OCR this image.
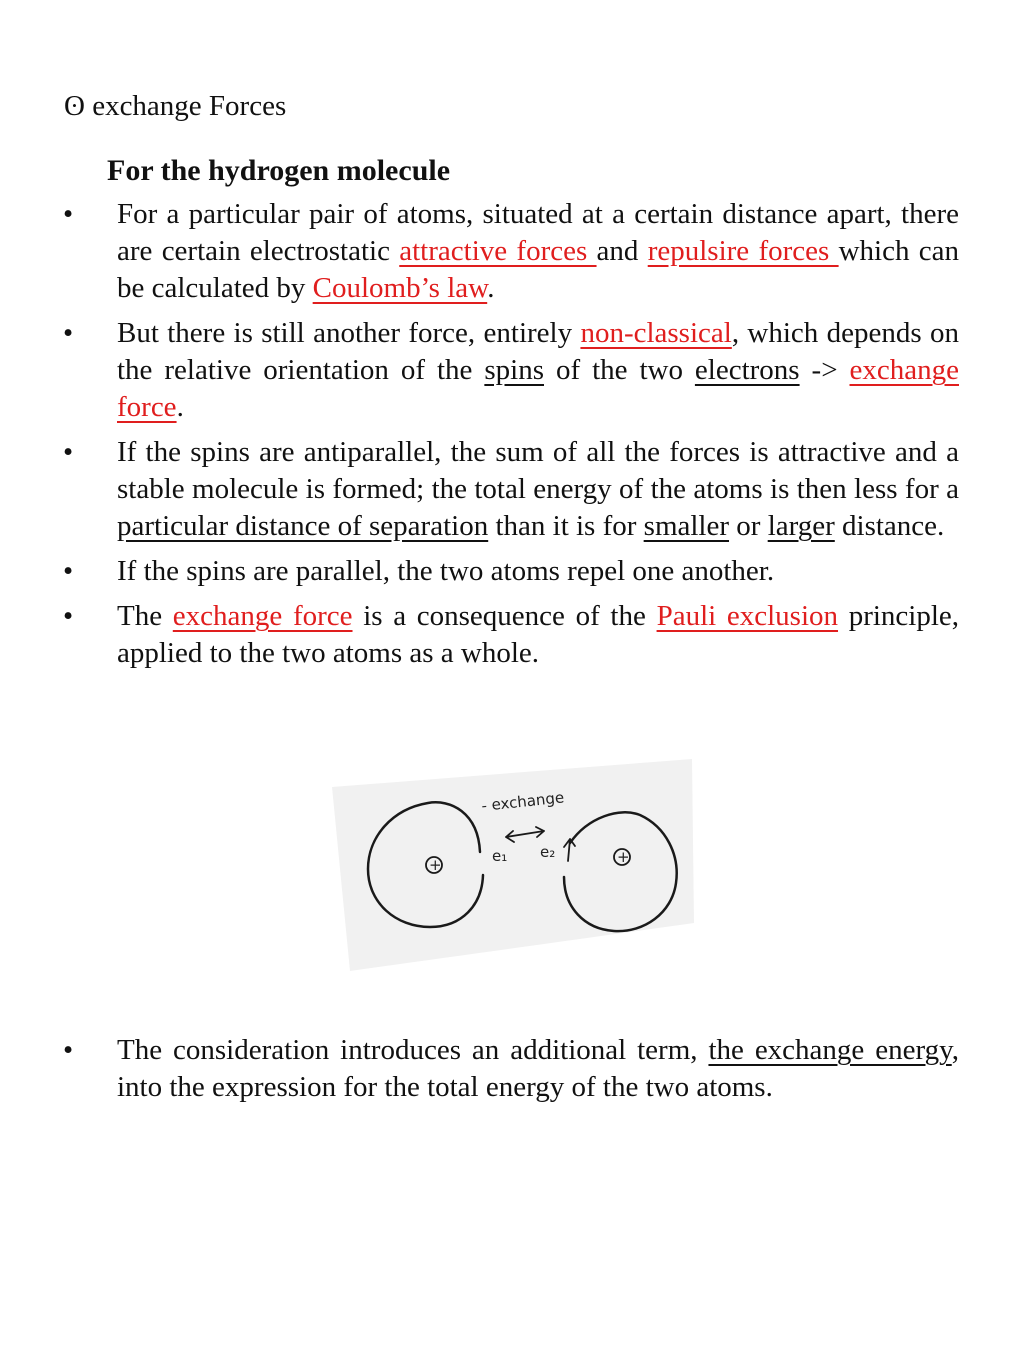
ʘ exchange Forces
For the hydrogen molecule
• For a particular pair of atoms, situated at a certain distance apart, there are certain electrostatic attractive forces and repulsire forces which can be calculated by Coulomb’s law.
• But there is still another force, entirely non-classical, which depends on the relative orientation of the spins of the two electrons -> exchange force.
• If the spins are antiparallel, the sum of all the forces is attractive and a stable molecule is formed; the total energy of the atoms is then less for a particular distance of separation than it is for smaller or larger distance.
• If the spins are parallel, the two atoms repel one another.
• The exchange force is a consequence of the Pauli exclusion principle, applied to the two atoms as a whole.
+	+
- exchange
e₁ e₂
• The consideration introduces an additional term, the exchange energy, into the expression for the total energy of the two atoms.
